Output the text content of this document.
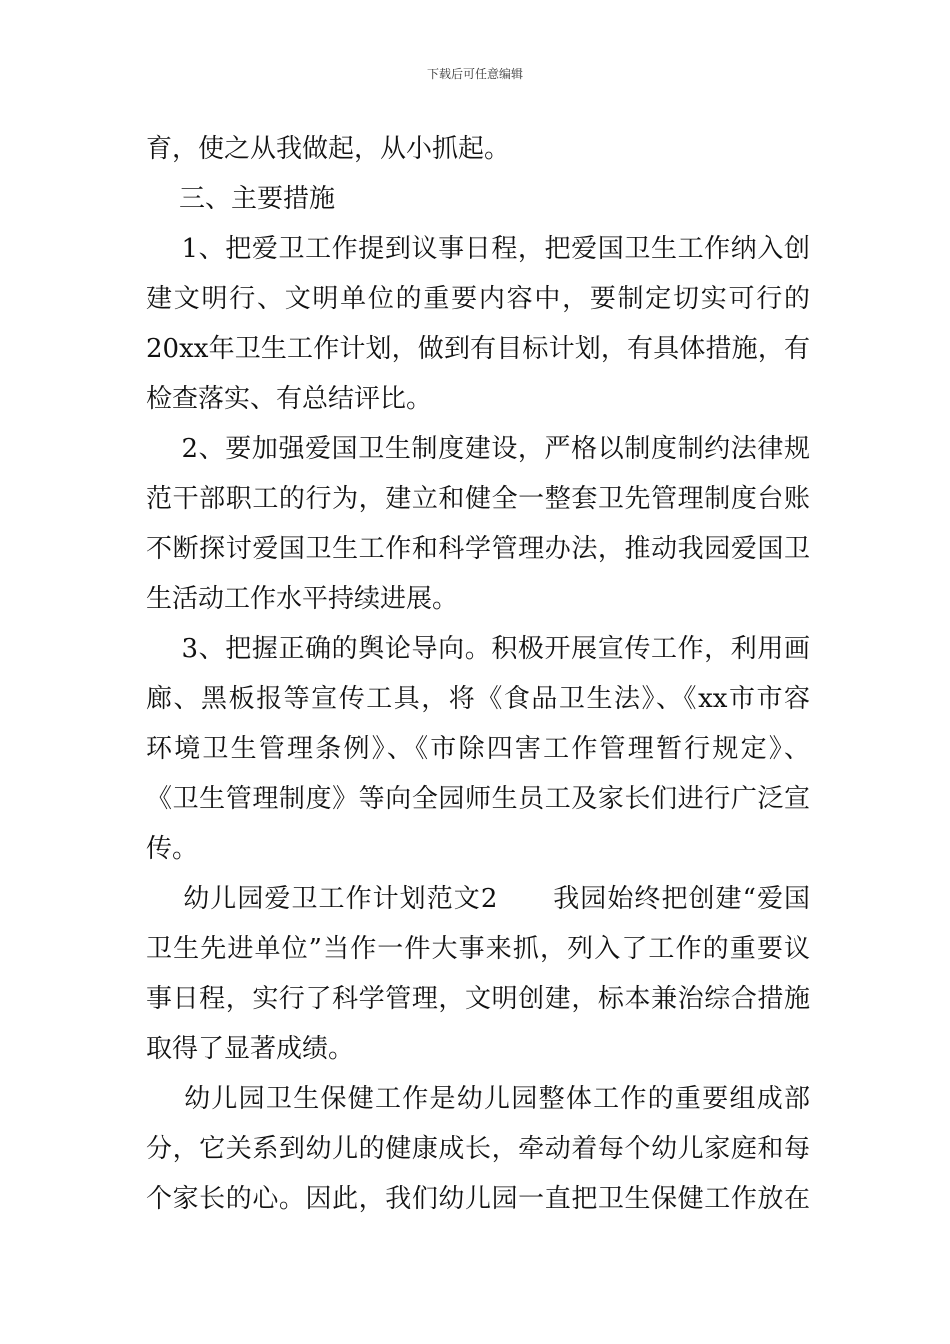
下载后可任意编辑
育，使之从我做起，从小抓起。
三、主要措施
1、把爱卫工作提到议事日程，把爱国卫生工作纳入创
建文明行、文明单位的重要内容中，要制定切实可行的
20xx年卫生工作计划，做到有目标计划，有具体措施，有
检查落实、有总结评比。
2、要加强爱国卫生制度建设，严格以制度制约法律规
范干部职工的行为，建立和健全一整套卫先管理制度台账
不断探讨爱国卫生工作和科学管理办法，推动我园爱国卫
生活动工作水平持续进展。
3、把握正确的舆论导向。积极开展宣传工作，利用画
廊、黑板报等宣传工具，将《食品卫生法》、《xx市市容
环境卫生管理条例》、《市除四害工作管理暂行规定》、
《卫生管理制度》等向全园师生员工及家长们进行广泛宣
传。
幼儿园爱卫工作计划范文2      我园始终把创建“爱国
卫生先进单位”当作一件大事来抓，列入了工作的重要议
事日程，实行了科学管理，文明创建，标本兼治综合措施
取得了显著成绩。
幼儿园卫生保健工作是幼儿园整体工作的重要组成部
分，它关系到幼儿的健康成长，牵动着每个幼儿家庭和每
个家长的心。因此，我们幼儿园一直把卫生保健工作放在
